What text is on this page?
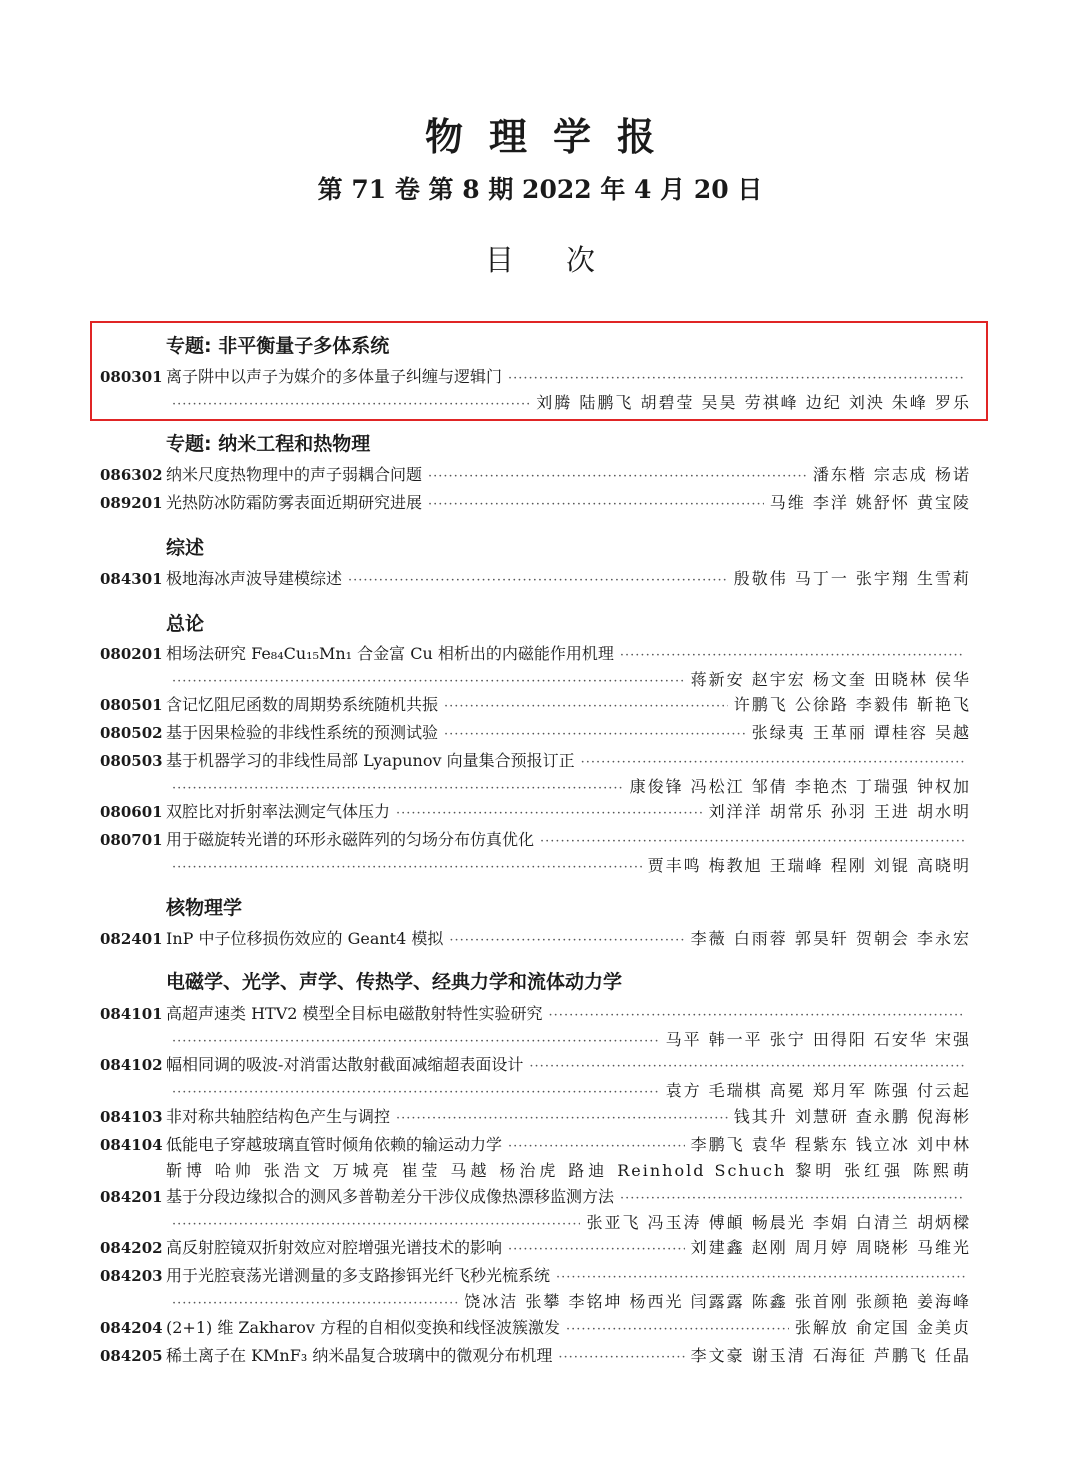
物理学报
第 71 卷 第 8 期 2022 年 4 月 20 日
目次
专题: 非平衡量子多体系统
080301 离子阱中以声子为媒介的多体量子纠缠与逻辑门
·····
·····
刘腾 陆鹏飞 胡碧莹 吴昊 劳祺峰 边纪 刘泱 朱峰 罗乐
专题: 纳米工程和热物理
086302 纳米尺度热物理中的声子弱耦合问题 ·····	潘东楷 宗志成 杨诺
089201 光热防冰防霜防雾表面近期研究进展 ·····	马维 李洋 姚舒怀 黄宝陵
综述
084301 极地海冰声波导建模综述 ·····	殷敬伟 马丁一 张宇翔 生雪莉
总论
080201 相场法研究 Fe₈₄Cu₁₅Mn₁ 合金富 Cu 相析出的内磁能作用机理
·····
·····
蒋新安 赵宇宏 杨文奎 田晓林 侯华
080501 含记忆阻尼函数的周期势系统随机共振 ·····	许鹏飞 公徐路 李毅伟 靳艳飞
080502 基于因果检验的非线性系统的预测试验 ·····	张绿夷 王革丽 谭桂容 吴越
080503 基于机器学习的非线性局部 Lyapunov 向量集合预报订正
·····
·····
康俊锋 冯松江 邹倩 李艳杰 丁瑞强 钟权加
080601 双腔比对折射率法测定气体压力 ·····	刘洋洋 胡常乐 孙羽 王进 胡水明
080701 用于磁旋转光谱的环形永磁阵列的匀场分布仿真优化
·····
·····
贾丰鸣 梅教旭 王瑞峰 程刚 刘锟 高晓明
核物理学
082401 InP 中子位移损伤效应的 Geant4 模拟 ·····	李薇 白雨蓉 郭昊轩 贺朝会 李永宏
电磁学、光学、声学、传热学、经典力学和流体动力学
084101 高超声速类 HTV2 模型全目标电磁散射特性实验研究
·····
·····
马平 韩一平 张宁 田得阳 石安华 宋强
084102 幅相同调的吸波-对消雷达散射截面减缩超表面设计
·····
·····
袁方 毛瑞棋 高冕 郑月军 陈强 付云起
084103 非对称共轴腔结构色产生与调控 ·····	钱其升 刘慧研 查永鹏 倪海彬
084104 低能电子穿越玻璃直管时倾角依赖的输运动力学 ·····	李鹏飞 袁华 程紫东 钱立冰 刘中林
靳博 哈帅 张浩文 万城亮 崔莹 马越 杨治虎 路迪 Reinhold Schuch 黎明 张红强 陈熙萌
084201 基于分段边缘拟合的测风多普勒差分干涉仪成像热漂移监测方法
·····
·····
张亚飞 冯玉涛 傅頔 畅晨光 李娟 白清兰 胡炳樑
084202 高反射腔镜双折射效应对腔增强光谱技术的影响 ·····	刘建鑫 赵刚 周月婷 周晓彬 马维光
084203 用于光腔衰荡光谱测量的多支路掺铒光纤飞秒光梳系统
·····
·····
饶冰洁 张攀 李铭坤 杨西光 闫露露 陈鑫 张首刚 张颜艳 姜海峰
084204 (2+1) 维 Zakharov 方程的自相似变换和线怪波簇激发 ·····	张解放 俞定国 金美贞
084205 稀土离子在 KMnF₃ 纳米晶复合玻璃中的微观分布机理 ·····	李文豪 谢玉清 石海征 芦鹏飞 任晶
